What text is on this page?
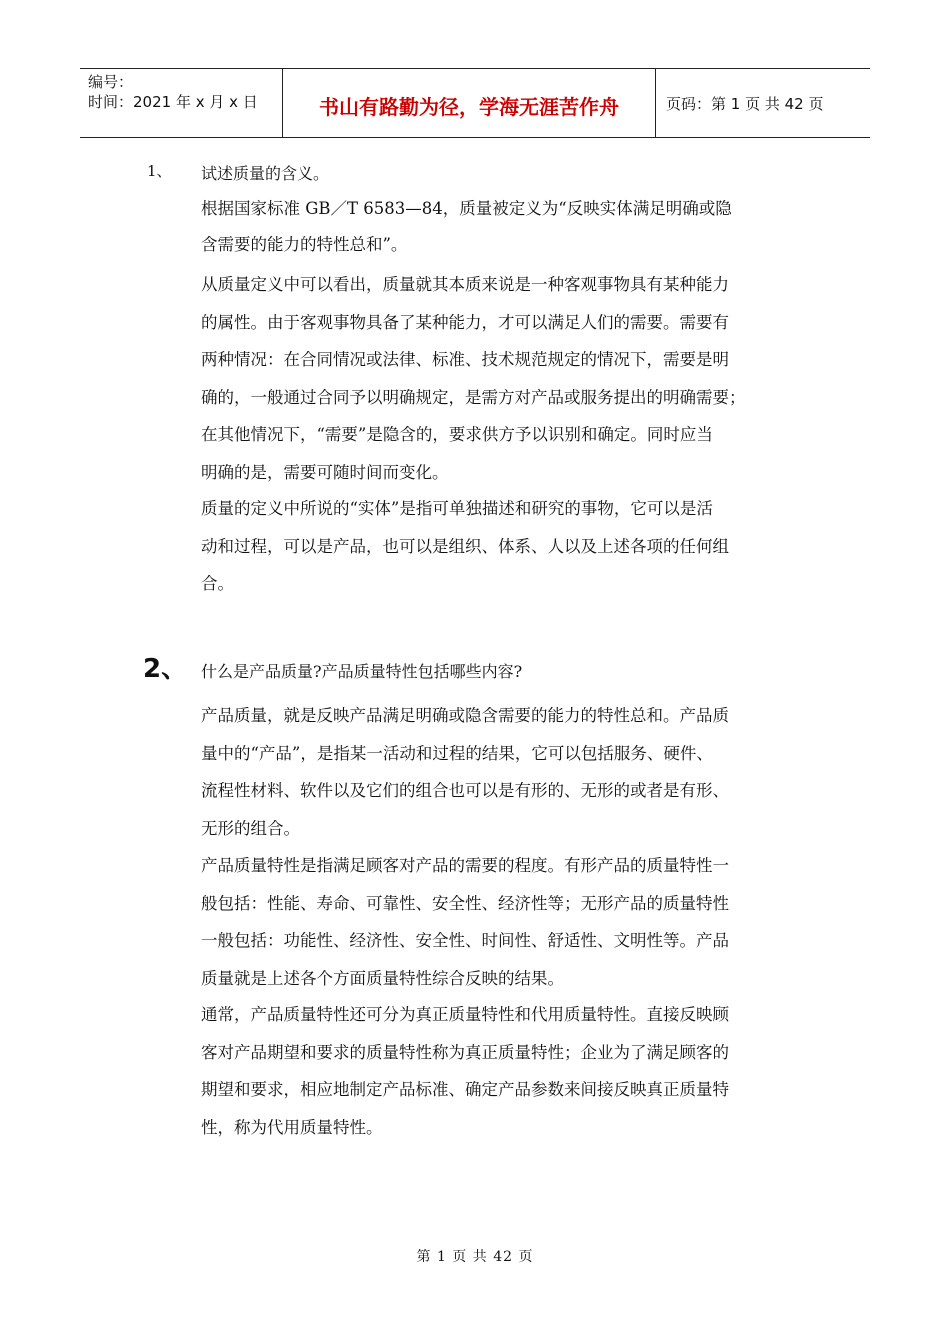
编号：
时间：2021 年 x 月 x 日	书山有路勤为径，学海无涯苦作舟	页码：第 1 页 共 42 页
1、 试述质量的含义。
根据国家标准 GB／T 6583—84，质量被定义为“反映实体满足明确或隐
含需要的能力的特性总和”。
从质量定义中可以看出，质量就其本质来说是一种客观事物具有某种能力
的属性。由于客观事物具备了某种能力，才可以满足人们的需要。需要有
两种情况：在合同情况或法律、标准、技术规范规定的情况下，需要是明
确的，一般通过合同予以明确规定，是需方对产品或服务提出的明确需要；
在其他情况下，“需要”是隐含的，要求供方予以识别和确定。同时应当
明确的是，需要可随时间而变化。
质量的定义中所说的“实体”是指可单独描述和研究的事物，它可以是活
动和过程，可以是产品，也可以是组织、体系、人以及上述各项的任何组
合。
2、 什么是产品质量?产品质量特性包括哪些内容?
产品质量，就是反映产品满足明确或隐含需要的能力的特性总和。产品质
量中的“产品”，是指某一活动和过程的结果，它可以包括服务、硬件、
流程性材料、软件以及它们的组合也可以是有形的、无形的或者是有形、
无形的组合。
产品质量特性是指满足顾客对产品的需要的程度。有形产品的质量特性一
般包括：性能、寿命、可靠性、安全性、经济性等；无形产品的质量特性
一般包括：功能性、经济性、安全性、时间性、舒适性、文明性等。产品
质量就是上述各个方面质量特性综合反映的结果。
通常，产品质量特性还可分为真正质量特性和代用质量特性。直接反映顾
客对产品期望和要求的质量特性称为真正质量特性；企业为了满足顾客的
期望和要求，相应地制定产品标准、确定产品参数来间接反映真正质量特
性，称为代用质量特性。
第 1 页 共 42 页
